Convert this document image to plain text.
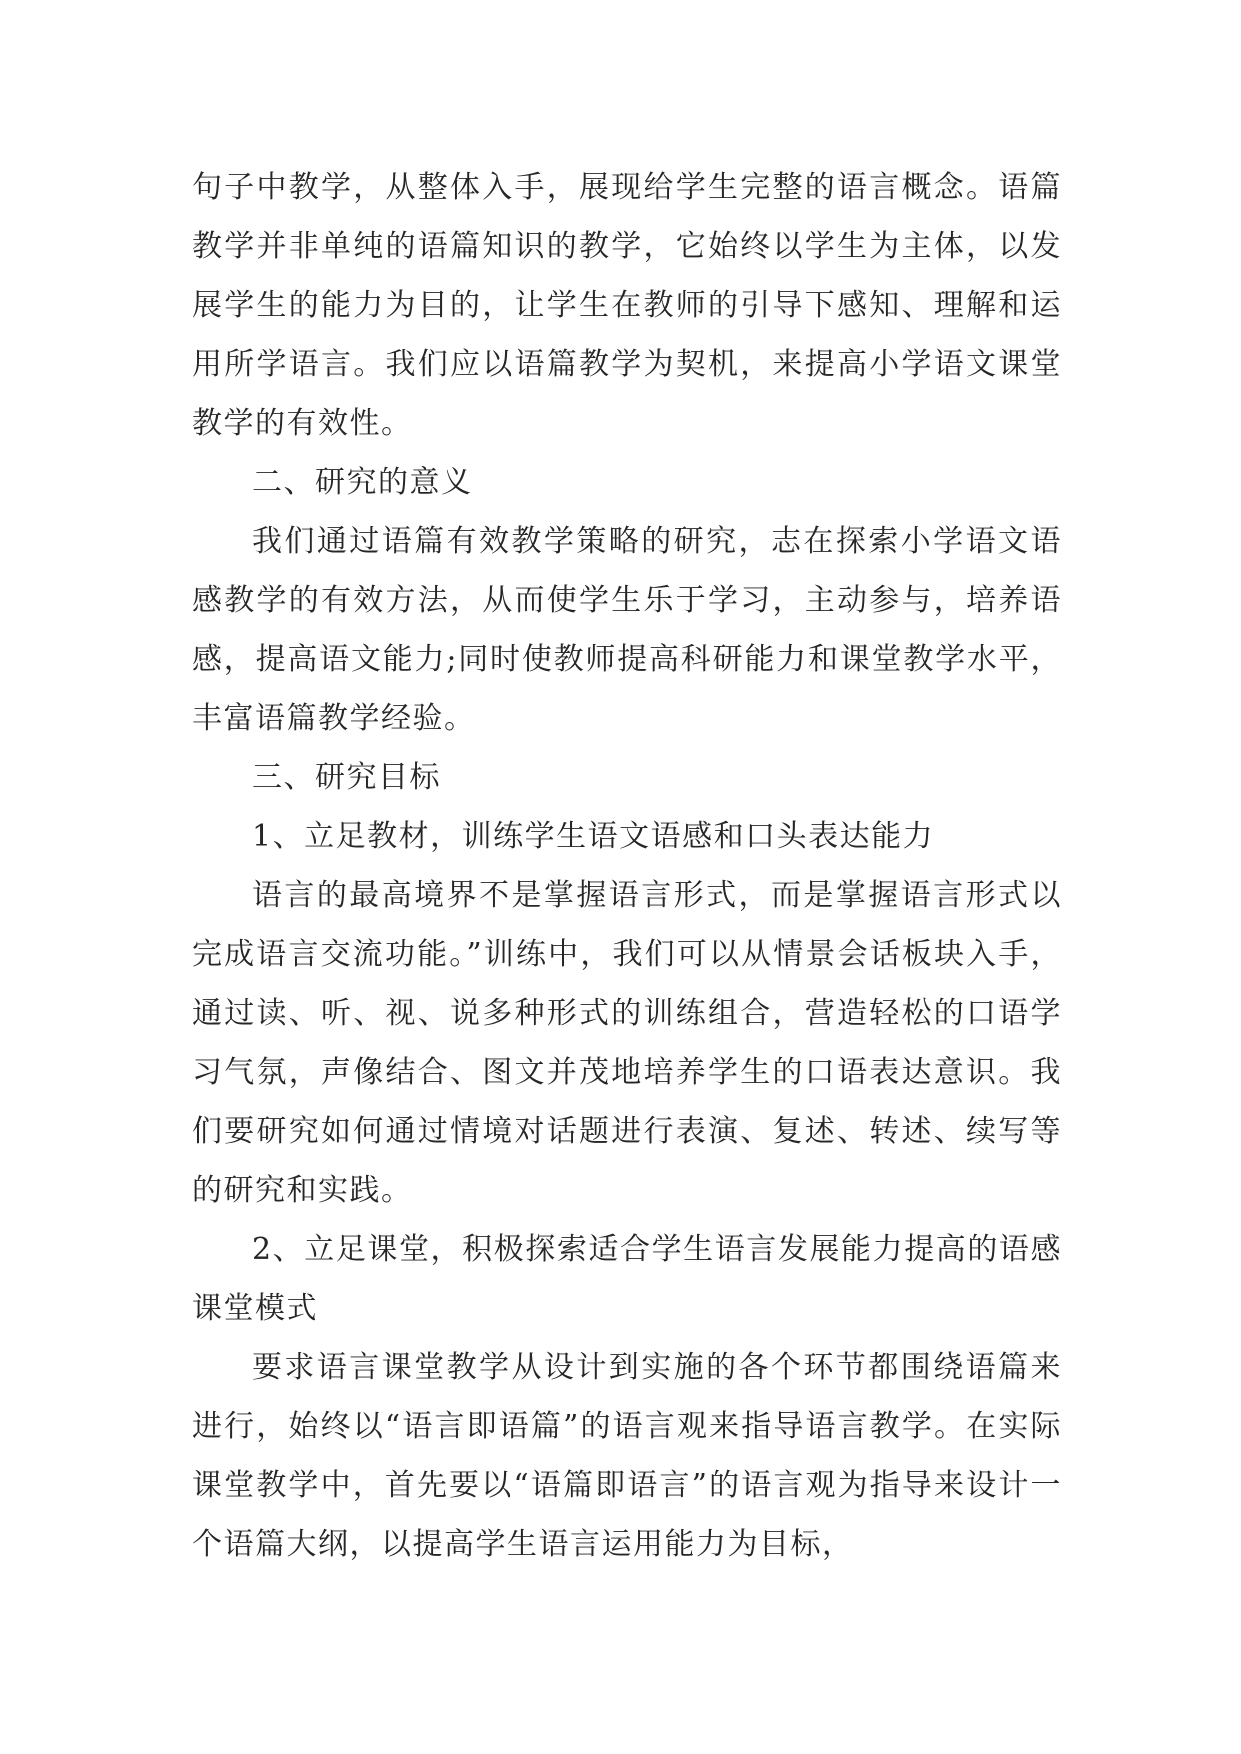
句子中教学，从整体入手，展现给学生完整的语言概念。语篇教学并非单纯的语篇知识的教学，它始终以学生为主体，以发展学生的能力为目的，让学生在教师的引导下感知、理解和运用所学语言。我们应以语篇教学为契机，来提高小学语文课堂教学的有效性。

二、研究的意义

我们通过语篇有效教学策略的研究，志在探索小学语文语感教学的有效方法，从而使学生乐于学习，主动参与，培养语感，提高语文能力;同时使教师提高科研能力和课堂教学水平，丰富语篇教学经验。

三、研究目标

1、立足教材，训练学生语文语感和口头表达能力

语言的最高境界不是掌握语言形式，而是掌握语言形式以完成语言交流功能。”训练中，我们可以从情景会话板块入手，通过读、听、视、说多种形式的训练组合，营造轻松的口语学习气氛，声像结合、图文并茂地培养学生的口语表达意识。我们要研究如何通过情境对话题进行表演、复述、转述、续写等的研究和实践。

2、立足课堂，积极探索适合学生语言发展能力提高的语感课堂模式

要求语言课堂教学从设计到实施的各个环节都围绕语篇来进行，始终以“语言即语篇”的语言观来指导语言教学。在实际课堂教学中，首先要以“语篇即语言”的语言观为指导来设计一个语篇大纲，以提高学生语言运用能力为目标，
